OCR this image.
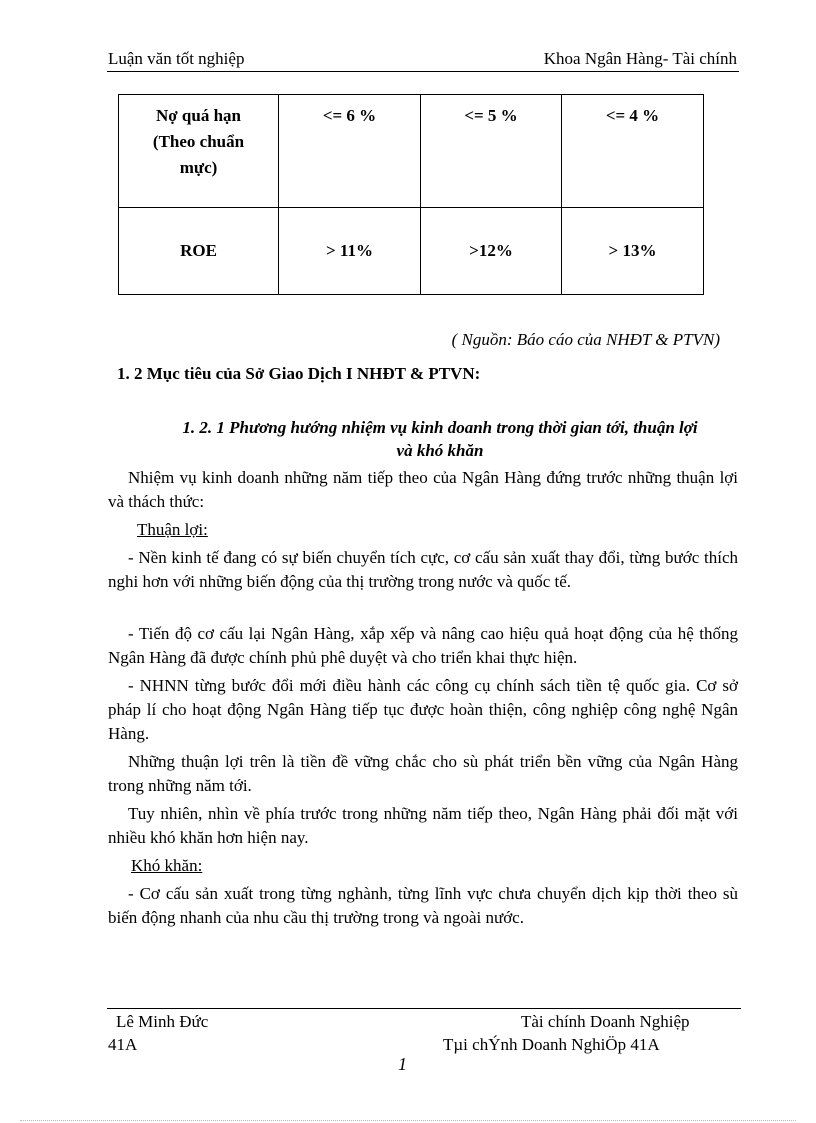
Luận văn tốt nghiệp	Khoa Ngân Hàng- Tài chính
Nợ quá hạn
(Theo chuẩn
mực)	<= 6 %	<= 5 %	<= 4 %

ROE	> 11%	>12%	> 13%
( Nguồn: Báo cáo của NHĐT & PTVN)
1. 2 Mục tiêu của Sở Giao Dịch I NHĐT & PTVN:
1. 2. 1 Phương hướng nhiệm vụ kinh doanh trong thời gian tới, thuận lợi
và khó khăn
Nhiệm vụ kinh doanh những năm tiếp theo của Ngân Hàng đứng trước những thuận lợi và thách thức:
Thuận lợi:
- Nền kinh tế đang có sự biến chuyển tích cực, cơ cấu sản xuất thay đổi, từng bước thích nghi hơn với những biến động của thị trường trong nước và quốc tế.
- Tiến độ cơ cấu lại Ngân Hàng, xắp xếp và nâng cao hiệu quả hoạt động của hệ thống Ngân Hàng đã được chính phủ phê duyệt và cho triển khai thực hiện.
- NHNN từng bước đổi mới điều hành các công cụ chính sách tiền tệ quốc gia. Cơ sở pháp lí cho hoạt động Ngân Hàng tiếp tục được hoàn thiện, công nghiệp công nghệ Ngân Hàng.
Những thuận lợi trên là tiền đề vững chắc cho sù phát triển bền vững của Ngân Hàng trong những năm tới.
Tuy nhiên, nhìn về phía trước trong những năm tiếp theo, Ngân Hàng phải đối mặt với nhiều khó khăn hơn hiện nay.
Khó khăn:
- Cơ cấu sản xuất trong từng nghành, từng lĩnh vực chưa chuyển dịch kịp thời theo sù biến động nhanh của nhu cầu thị trường trong và ngoài nước.
Lê Minh Đức
41A
Tài chính Doanh Nghiệp
Tµi chÝnh Doanh NghiÖp 41A
1
